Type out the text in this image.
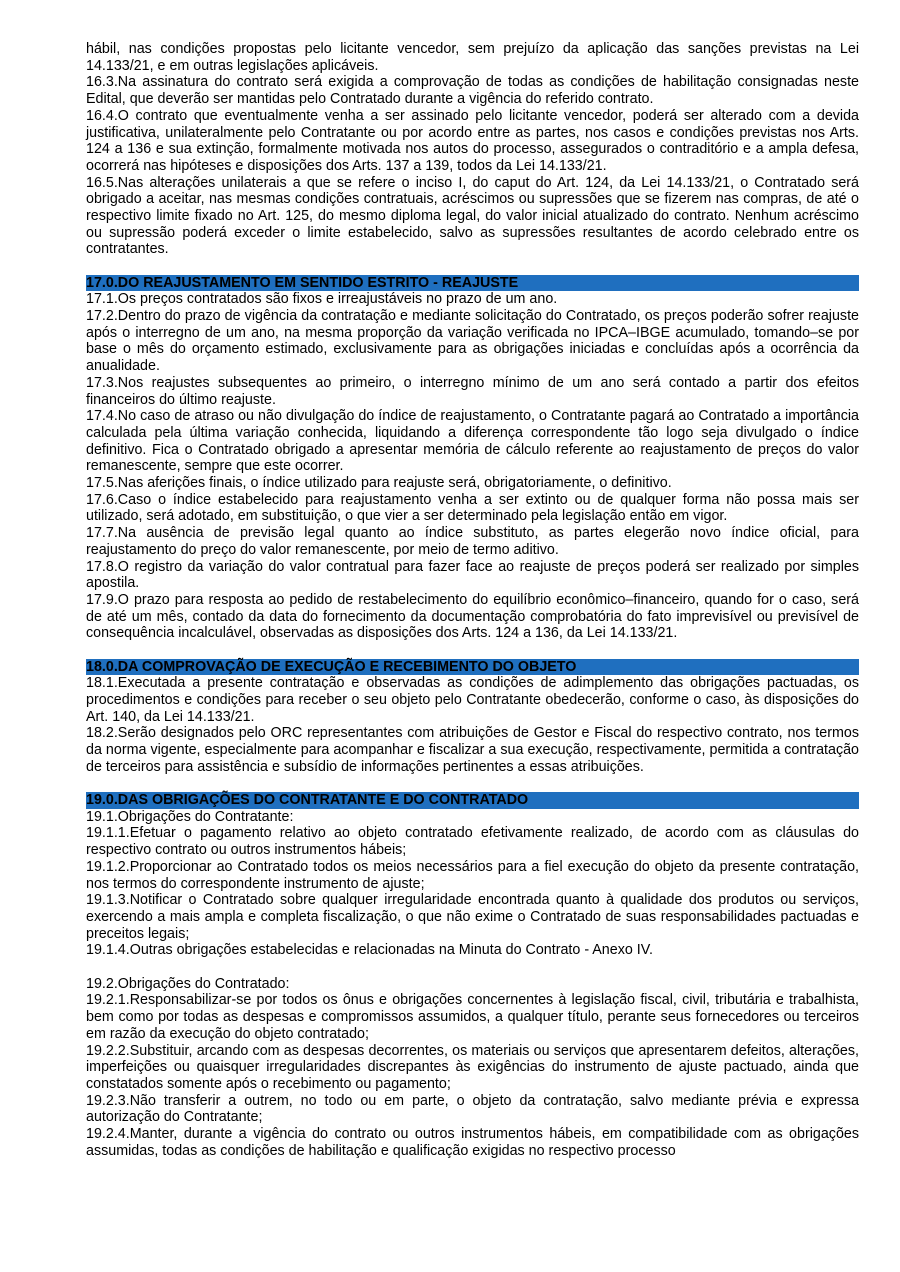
hábil, nas condições propostas pelo licitante vencedor, sem prejuízo da aplicação das sanções previstas na Lei 14.133/21, e em outras legislações aplicáveis.

16.3.Na assinatura do contrato será exigida a comprovação de todas as condições de habilitação consignadas neste Edital, que deverão ser mantidas pelo Contratado durante a vigência do referido contrato.

16.4.O contrato que eventualmente venha a ser assinado pelo licitante vencedor, poderá ser alterado com a devida justificativa, unilateralmente pelo Contratante ou por acordo entre as partes, nos casos e condições previstas nos Arts. 124 a 136 e sua extinção, formalmente motivada nos autos do processo, assegurados o contraditório e a ampla defesa, ocorrerá nas hipóteses e disposições dos Arts. 137 a 139, todos da Lei 14.133/21.

16.5.Nas alterações unilaterais a que se refere o inciso I, do caput do Art. 124, da Lei 14.133/21, o Contratado será obrigado a aceitar, nas mesmas condições contratuais, acréscimos ou supressões que se fizerem nas compras, de até o respectivo limite fixado no Art. 125, do mesmo diploma legal, do valor inicial atualizado do contrato. Nenhum acréscimo ou supressão poderá exceder o limite estabelecido, salvo as supressões resultantes de acordo celebrado entre os contratantes.

17.0.DO REAJUSTAMENTO EM SENTIDO ESTRITO - REAJUSTE

17.1.Os preços contratados são fixos e irreajustáveis no prazo de um ano.

17.2.Dentro do prazo de vigência da contratação e mediante solicitação do Contratado, os preços poderão sofrer reajuste após o interregno de um ano, na mesma proporção da variação verificada no IPCA–IBGE acumulado, tomando–se por base o mês do orçamento estimado, exclusivamente para as obrigações iniciadas e concluídas após a ocorrência da anualidade.

17.3.Nos reajustes subsequentes ao primeiro, o interregno mínimo de um ano será contado a partir dos efeitos financeiros do último reajuste.

17.4.No caso de atraso ou não divulgação do índice de reajustamento, o Contratante pagará ao Contratado a importância calculada pela última variação conhecida, liquidando a diferença correspondente tão logo seja divulgado o índice definitivo. Fica o Contratado obrigado a apresentar memória de cálculo referente ao reajustamento de preços do valor remanescente, sempre que este ocorrer.

17.5.Nas aferições finais, o índice utilizado para reajuste será, obrigatoriamente, o definitivo.

17.6.Caso o índice estabelecido para reajustamento venha a ser extinto ou de qualquer forma não possa mais ser utilizado, será adotado, em substituição, o que vier a ser determinado pela legislação então em vigor.

17.7.Na ausência de previsão legal quanto ao índice substituto, as partes elegerão novo índice oficial, para reajustamento do preço do valor remanescente, por meio de termo aditivo.

17.8.O registro da variação do valor contratual para fazer face ao reajuste de preços poderá ser realizado por simples apostila.

17.9.O prazo para resposta ao pedido de restabelecimento do equilíbrio econômico–financeiro, quando for o caso, será de até um mês, contado da data do fornecimento da documentação comprobatória do fato imprevisível ou previsível de consequência incalculável, observadas as disposições dos Arts. 124 a 136, da Lei 14.133/21.

18.0.DA COMPROVAÇÃO DE EXECUÇÃO E RECEBIMENTO DO OBJETO

18.1.Executada a presente contratação e observadas as condições de adimplemento das obrigações pactuadas, os procedimentos e condições para receber o seu objeto pelo Contratante obedecerão, conforme o caso, às disposições do Art. 140, da Lei 14.133/21.

18.2.Serão designados pelo ORC representantes com atribuições de Gestor e Fiscal do respectivo contrato, nos termos da norma vigente, especialmente para acompanhar e fiscalizar a sua execução, respectivamente, permitida a contratação de terceiros para assistência e subsídio de informações pertinentes a essas atribuições.

19.0.DAS OBRIGAÇÕES DO CONTRATANTE E DO CONTRATADO

19.1.Obrigações do Contratante:

19.1.1.Efetuar o pagamento relativo ao objeto contratado efetivamente realizado, de acordo com as cláusulas do respectivo contrato ou outros instrumentos hábeis;

19.1.2.Proporcionar ao Contratado todos os meios necessários para a fiel execução do objeto da presente contratação, nos termos do correspondente instrumento de ajuste;

19.1.3.Notificar o Contratado sobre qualquer irregularidade encontrada quanto à qualidade dos produtos ou serviços, exercendo a mais ampla e completa fiscalização, o que não exime o Contratado de suas responsabilidades pactuadas e preceitos legais;

19.1.4.Outras obrigações estabelecidas e relacionadas na Minuta do Contrato - Anexo IV.

19.2.Obrigações do Contratado:

19.2.1.Responsabilizar-se por todos os ônus e obrigações concernentes à legislação fiscal, civil, tributária e trabalhista, bem como por todas as despesas e compromissos assumidos, a qualquer título, perante seus fornecedores ou terceiros em razão da execução do objeto contratado;

19.2.2.Substituir, arcando com as despesas decorrentes, os materiais ou serviços que apresentarem defeitos, alterações, imperfeições ou quaisquer irregularidades discrepantes às exigências do instrumento de ajuste pactuado, ainda que constatados somente após o recebimento ou pagamento;

19.2.3.Não transferir a outrem, no todo ou em parte, o objeto da contratação, salvo mediante prévia e expressa autorização do Contratante;

19.2.4.Manter, durante a vigência do contrato ou outros instrumentos hábeis, em compatibilidade com as obrigações assumidas, todas as condições de habilitação e qualificação exigidas no respectivo processo
